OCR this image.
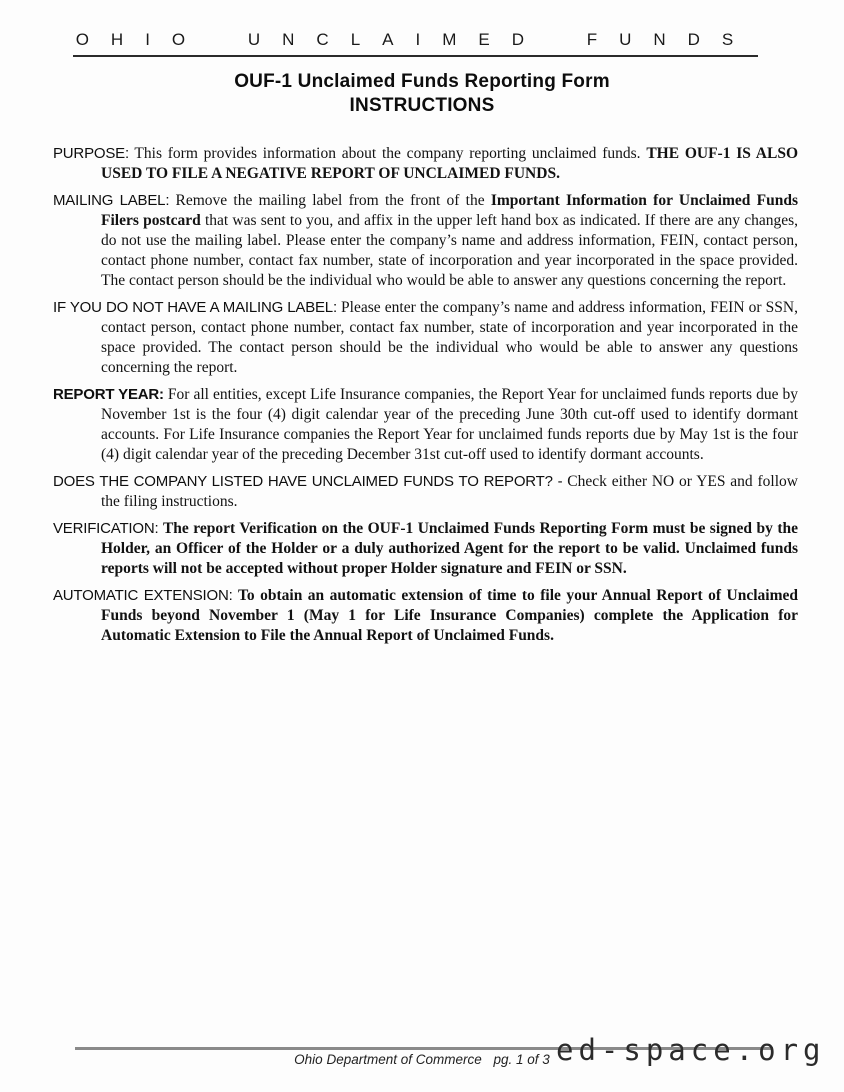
OHIO UNCLAIMED FUNDS
OUF-1 Unclaimed Funds Reporting Form
INSTRUCTIONS

PURPOSE: This form provides information about the company reporting unclaimed funds. THE OUF-1 IS ALSO USED TO FILE A NEGATIVE REPORT OF UNCLAIMED FUNDS.

MAILING LABEL: Remove the mailing label from the front of the Important Information for Unclaimed Funds Filers postcard that was sent to you, and affix in the upper left hand box as indicated. If there are any changes, do not use the mailing label. Please enter the company’s name and address information, FEIN, contact person, contact phone number, contact fax number, state of incorporation and year incorporated in the space provided. The contact person should be the individual who would be able to answer any questions concerning the report.

IF YOU DO NOT HAVE A MAILING LABEL: Please enter the company’s name and address information, FEIN or SSN, contact person, contact phone number, contact fax number, state of incorporation and year incorporated in the space provided. The contact person should be the individual who would be able to answer any questions concerning the report.

REPORT YEAR: For all entities, except Life Insurance companies, the Report Year for unclaimed funds reports due by November 1st is the four (4) digit calendar year of the preceding June 30th cut-off used to identify dormant accounts. For Life Insurance companies the Report Year for unclaimed funds reports due by May 1st is the four (4) digit calendar year of the preceding December 31st cut-off used to identify dormant accounts.

DOES THE COMPANY LISTED HAVE UNCLAIMED FUNDS TO REPORT? - Check either NO or YES and follow the filing instructions.

VERIFICATION: The report Verification on the OUF-1 Unclaimed Funds Reporting Form must be signed by the Holder, an Officer of the Holder or a duly authorized Agent for the report to be valid. Unclaimed funds reports will not be accepted without proper Holder signature and FEIN or SSN.

AUTOMATIC EXTENSION: To obtain an automatic extension of time to file your Annual Report of Unclaimed Funds beyond November 1 (May 1 for Life Insurance Companies) complete the Application for Automatic Extension to File the Annual Report of Unclaimed Funds.

Ohio Department of Commerce pg. 1 of 3 ed-space.org
